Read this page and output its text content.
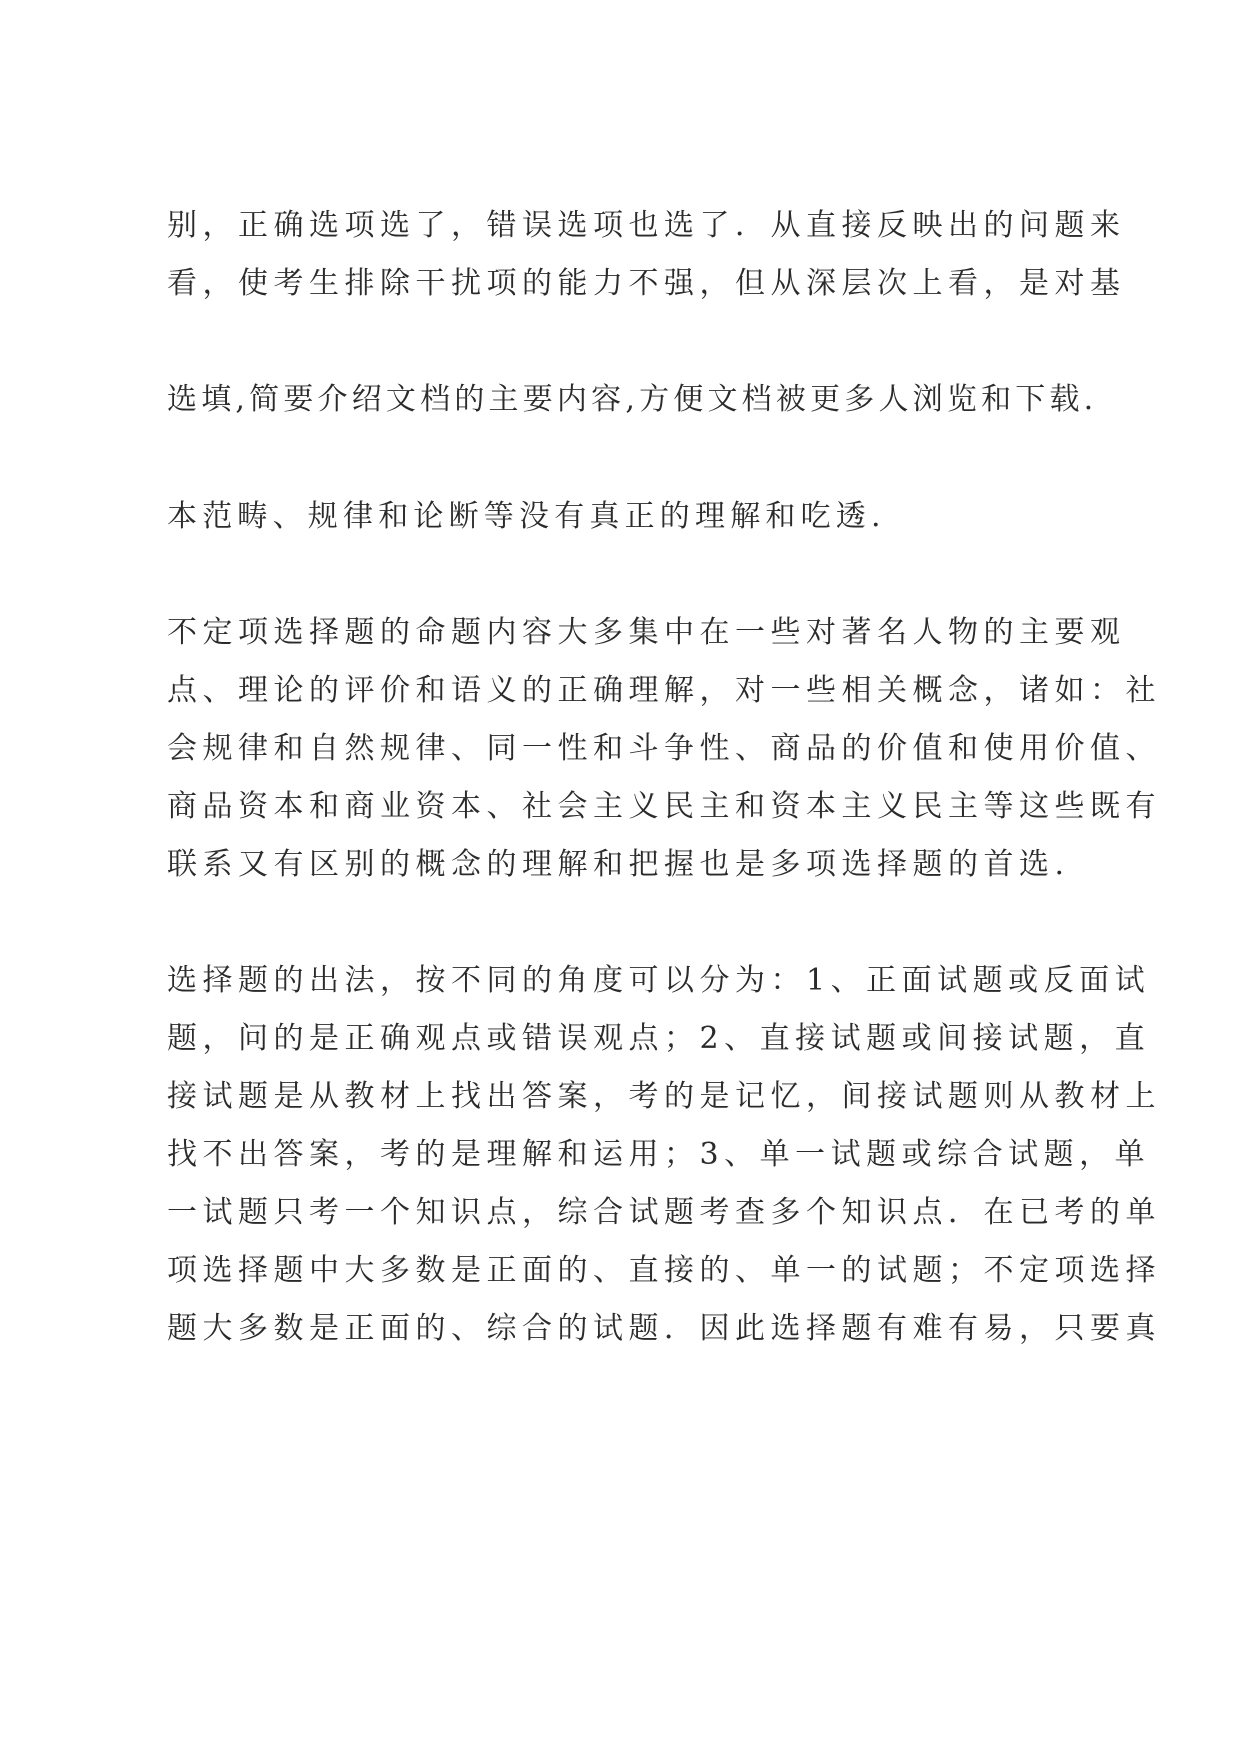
别，正确选项选了，错误选项也选了．从直接反映出的问题来
看，使考生排除干扰项的能力不强，但从深层次上看，是对基
选填,简要介绍文档的主要内容,方便文档被更多人浏览和下载.
本范畴、规律和论断等没有真正的理解和吃透.
不定项选择题的命题内容大多集中在一些对著名人物的主要观
点、理论的评价和语义的正确理解，对一些相关概念，诸如：社
会规律和自然规律、同一性和斗争性、商品的价值和使用价值、
商品资本和商业资本、社会主义民主和资本主义民主等这些既有
联系又有区别的概念的理解和把握也是多项选择题的首选.
选择题的出法，按不同的角度可以分为：1、正面试题或反面试
题，问的是正确观点或错误观点；2、直接试题或间接试题，直
接试题是从教材上找出答案，考的是记忆，间接试题则从教材上
找不出答案，考的是理解和运用；3、单一试题或综合试题，单
一试题只考一个知识点，综合试题考查多个知识点．在已考的单
项选择题中大多数是正面的、直接的、单一的试题；不定项选择
题大多数是正面的、综合的试题．因此选择题有难有易，只要真
